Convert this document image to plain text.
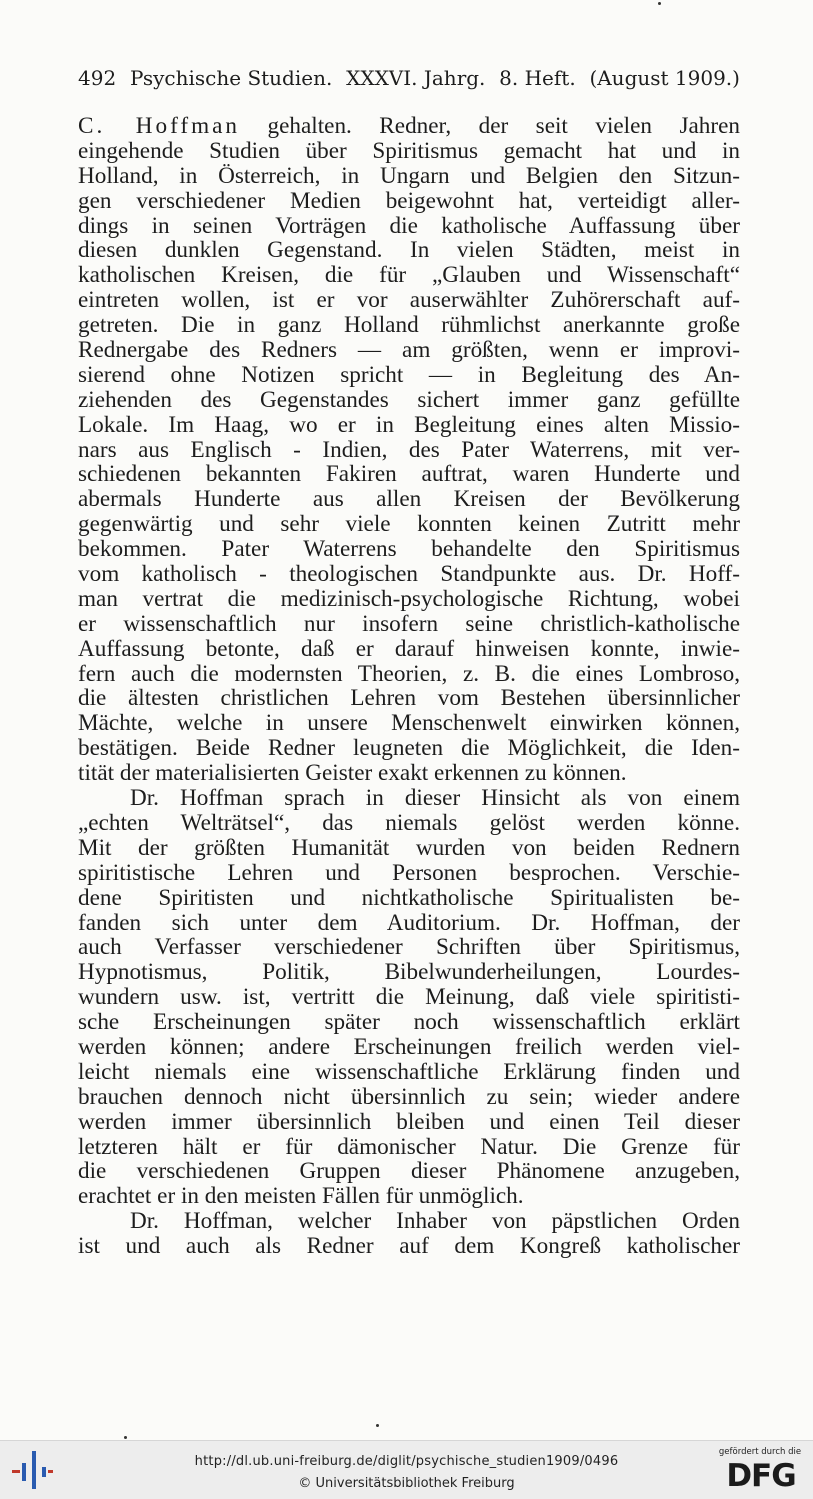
492 Psychische Studien. XXXVI. Jahrg. 8. Heft. (August 1909.)
C. Hoffman gehalten. Redner, der seit vielen Jahren
eingehende Studien über Spiritismus gemacht hat und in
Holland, in Österreich, in Ungarn und Belgien den Sitzun-
gen verschiedener Medien beigewohnt hat, verteidigt aller-
dings in seinen Vorträgen die katholische Auffassung über
diesen dunklen Gegenstand. In vielen Städten, meist in
katholischen Kreisen, die für „Glauben und Wissenschaft“
eintreten wollen, ist er vor auserwählter Zuhörerschaft auf-
getreten. Die in ganz Holland rühmlichst anerkannte große
Rednergabe des Redners — am größten, wenn er improvi-
sierend ohne Notizen spricht — in Begleitung des An-
ziehenden des Gegenstandes sichert immer ganz gefüllte
Lokale. Im Haag, wo er in Begleitung eines alten Missio-
nars aus Englisch - Indien, des Pater Waterrens, mit ver-
schiedenen bekannten Fakiren auftrat, waren Hunderte und
abermals Hunderte aus allen Kreisen der Bevölkerung
gegenwärtig und sehr viele konnten keinen Zutritt mehr
bekommen. Pater Waterrens behandelte den Spiritismus
vom katholisch - theologischen Standpunkte aus. Dr. Hoff-
man vertrat die medizinisch-psychologische Richtung, wobei
er wissenschaftlich nur insofern seine christlich-katholische
Auffassung betonte, daß er darauf hinweisen konnte, inwie-
fern auch die modernsten Theorien, z. B. die eines Lombroso,
die ältesten christlichen Lehren vom Bestehen übersinnlicher
Mächte, welche in unsere Menschenwelt einwirken können,
bestätigen. Beide Redner leugneten die Möglichkeit, die Iden-
tität der materialisierten Geister exakt erkennen zu können.
Dr. Hoffman sprach in dieser Hinsicht als von einem
„echten Welträtsel“, das niemals gelöst werden könne.
Mit der größten Humanität wurden von beiden Rednern
spiritistische Lehren und Personen besprochen. Verschie-
dene Spiritisten und nichtkatholische Spiritualisten be-
fanden sich unter dem Auditorium. Dr. Hoffman, der
auch Verfasser verschiedener Schriften über Spiritismus,
Hypnotismus, Politik, Bibelwunderheilungen, Lourdes-
wundern usw. ist, vertritt die Meinung, daß viele spiritisti-
sche Erscheinungen später noch wissenschaftlich erklärt
werden können; andere Erscheinungen freilich werden viel-
leicht niemals eine wissenschaftliche Erklärung finden und
brauchen dennoch nicht übersinnlich zu sein; wieder andere
werden immer übersinnlich bleiben und einen Teil dieser
letzteren hält er für dämonischer Natur. Die Grenze für
die verschiedenen Gruppen dieser Phänomene anzugeben,
erachtet er in den meisten Fällen für unmöglich.
Dr. Hoffman, welcher Inhaber von päpstlichen Orden
ist und auch als Redner auf dem Kongreß katholischer
http://dl.ub.uni-freiburg.de/diglit/psychische_studien1909/0496
© Universitätsbibliothek Freiburg
gefördert durch die
DFG
